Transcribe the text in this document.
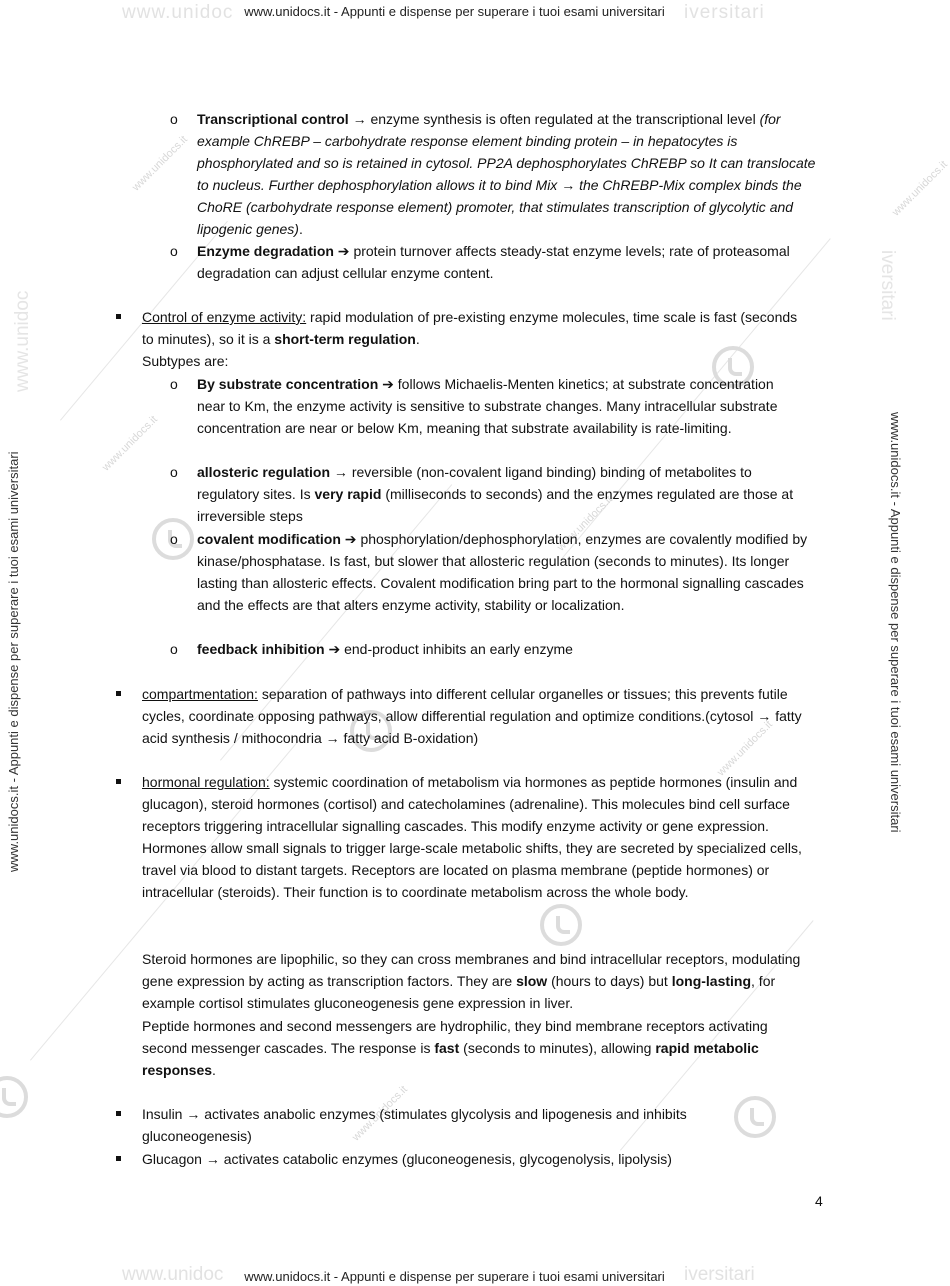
www.unidocs.it
www.unidocs.it
www.unidocs.it
www.unidocs.it
www.unidocs.it
www.unidocs.it
www.unidoc	iversitari
www.unidocs.it - Appunti e dispense per superare i tuoi esami universitari
www.unidoc	iversitari
www.unidocs.it - Appunti e dispense per superare i tuoi esami universitari
www.unidocs.it - Appunti e dispense per superare i tuoi esami universitari
www.unidoc
www.unidocs.it - Appunti e dispense per superare i tuoi esami universitari
iversitari
o Transcriptional control → enzyme synthesis is often regulated at the transcriptional level (for example ChREBP – carbohydrate response element binding protein – in hepatocytes is phosphorylated and so is retained in cytosol. PP2A dephosphorylates ChREBP so It can translocate to nucleus. Further dephosphorylation allows it to bind Mix → the ChREBP-Mix complex binds the ChoRE (carbohydrate response element) promoter, that stimulates transcription of glycolytic and lipogenic genes).
o Enzyme degradation ➔ protein turnover affects steady-stat enzyme levels; rate of proteasomal degradation can adjust cellular enzyme content.
Control of enzyme activity: rapid modulation of pre-existing enzyme molecules, time scale is fast (seconds to minutes), so it is a short-term regulation.
Subtypes are:
o By substrate concentration ➔ follows Michaelis-Menten kinetics; at substrate concentration near to Km, the enzyme activity is sensitive to substrate changes. Many intracellular substrate concentration are near or below Km, meaning that substrate availability is rate-limiting.
o allosteric regulation → reversible (non-covalent ligand binding) binding of metabolites to regulatory sites. Is very rapid (milliseconds to seconds) and the enzymes regulated are those at irreversible steps
o covalent modification ➔ phosphorylation/dephosphorylation, enzymes are covalently modified by kinase/phosphatase. Is fast, but slower that allosteric regulation (seconds to minutes). Its longer lasting than allosteric effects. Covalent modification bring part to the hormonal signalling cascades and the effects are that alters enzyme activity, stability or localization.
o feedback inhibition ➔ end-product inhibits an early enzyme
compartmentation: separation of pathways into different cellular organelles or tissues; this prevents futile cycles, coordinate opposing pathways, allow differential regulation and optimize conditions.(cytosol → fatty acid synthesis / mithocondria → fatty acid B-oxidation)
hormonal regulation: systemic coordination of metabolism via hormones as peptide hormones (insulin and glucagon), steroid hormones (cortisol) and catecholamines (adrenaline). This molecules bind cell surface receptors triggering intracellular signalling cascades. This modify enzyme activity or gene expression. Hormones allow small signals to trigger large-scale metabolic shifts, they are secreted by specialized cells, travel via blood to distant targets. Receptors are located on plasma membrane (peptide hormones) or intracellular (steroids). Their function is to coordinate metabolism across the whole body.
Steroid hormones are lipophilic, so they can cross membranes and bind intracellular receptors, modulating gene expression by acting as transcription factors. They are slow (hours to days) but long-lasting, for example cortisol stimulates gluconeogenesis gene expression in liver.
Peptide hormones and second messengers are hydrophilic, they bind membrane receptors activating second messenger cascades. The response is fast (seconds to minutes), allowing rapid metabolic responses.
Insulin → activates anabolic enzymes (stimulates glycolysis and lipogenesis and inhibits gluconeogenesis)
Glucagon → activates catabolic enzymes (gluconeogenesis, glycogenolysis, lipolysis)
4
